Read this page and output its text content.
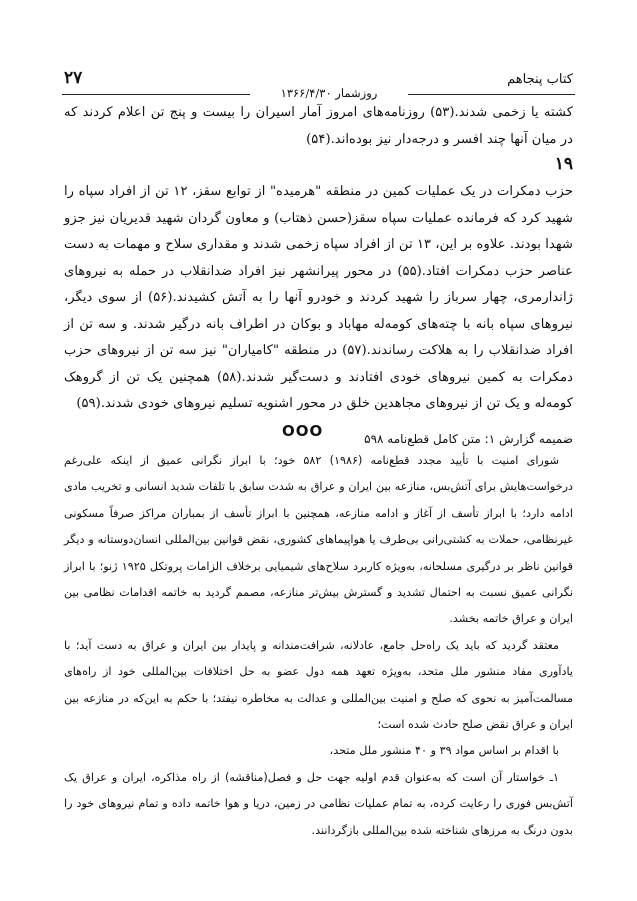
۲۷	کتاب پنجاهم
روزشمار ۱۳۶۶/۴/۳۰

کشته یا زخمی شدند.(۵۳) روزنامه‌های امروز آمار اسیران را بیست و پنج تن اعلام کردند که در میان آنها چند افسر و درجه‌دار نیز بوده‌اند.(۵۴)

۱۹

حزب دمکرات در یک عملیات کمین در منطقه "هرمیده" از توابع سقز، ۱۲ تن از افراد سپاه را شهید کرد که فرمانده عملیات سپاه سقز(حسن ذهتاب) و معاون گردان شهید قدیریان نیز جزو شهدا بودند. علاوه بر این، ۱۳ تن از افراد سپاه زخمی شدند و مقداری سلاح و مهمات به دست عناصر حزب دمکرات افتاد.(۵۵) در محور پیرانشهر نیز افراد ضدانقلاب در حمله به نیروهای ژاندارمری، چهار سرباز را شهید کردند و خودرو آنها را به آتش کشیدند.(۵۶) از سوی دیگر، نیروهای سپاه بانه با چته‌های کومه‌له مهاباد و بوکان در اطراف بانه درگیر شدند. و سه تن از افراد ضدانقلاب را به هلاکت رساندند.(۵۷) در منطقه "کامیاران" نیز سه تن از نیروهای حزب دمکرات به کمین نیروهای خودی افتادند و دست‌گیر شدند.(۵۸) همچنین یک تن از گروهک کومه‌له و یک تن از نیروهای مجاهدین خلق در محور اشنویه تسلیم نیروهای خودی شدند.(۵۹)

OOO	ضمیمه گزارش ۱: متن کامل قطع‌نامه ۵۹۸

شورای امنیت با تأیید مجدد قطع‌نامه (۱۹۸۶) ۵۸۲ خود؛ با ابراز نگرانی عمیق از اینکه علی‌رغم درخواست‌هایش برای آتش‌بس، منازعه بین ایران و عراق به شدت سابق با تلفات شدید انسانی و تخریب مادی ادامه دارد؛ با ابراز تأسف از آغاز و ادامه منازعه، همچنین با ابراز تأسف از بمباران مراکز صرفاً مسکونی غیرنظامی، حملات به کشتی‌رانی بی‌طرف یا هواپیماهای کشوری، نقض قوانین بین‌المللی انسان‌دوستانه و دیگر قوانین ناظر بر درگیری مسلحانه، به‌ویژه کاربرد سلاح‌های شیمیایی برخلاف الزامات پروتکل ۱۹۲۵ ژنو؛ با ابراز نگرانی عمیق نسبت به احتمال تشدید و گسترش بیش‌تر منازعه، مصمم گردید به خاتمه اقدامات نظامی بین ایران و عراق خاتمه بخشد.

معتقد گردید که باید یک راه‌حل جامع، عادلانه، شرافت‌مندانه و پایدار بین ایران و عراق به دست آید؛ با یادآوری مفاد منشور ملل متحد، به‌ویژه تعهد همه دول عضو به حل اختلافات بین‌المللی خود از راه‌های مسالمت‌آمیز به نحوی که صلح و امنیت بین‌المللی و عدالت به مخاطره نیفتد؛ با حکم به این‌که در منازعه بین ایران و عراق نقض صلح حادث شده است؛

با اقدام بر اساس مواد ۳۹ و ۴۰ منشور ملل متحد،

۱ـ خواستار آن است که به‌عنوان قدم اولیه جهت حل و فصل(مناقشه) از راه مذاکره، ایران و عراق یک آتش‌بس فوری را رعایت کرده، به تمام عملیات نظامی در زمین، دریا و هوا خاتمه داده و تمام نیروهای خود را بدون درنگ به مرزهای شناخته شده بین‌المللی بازگردانند.
